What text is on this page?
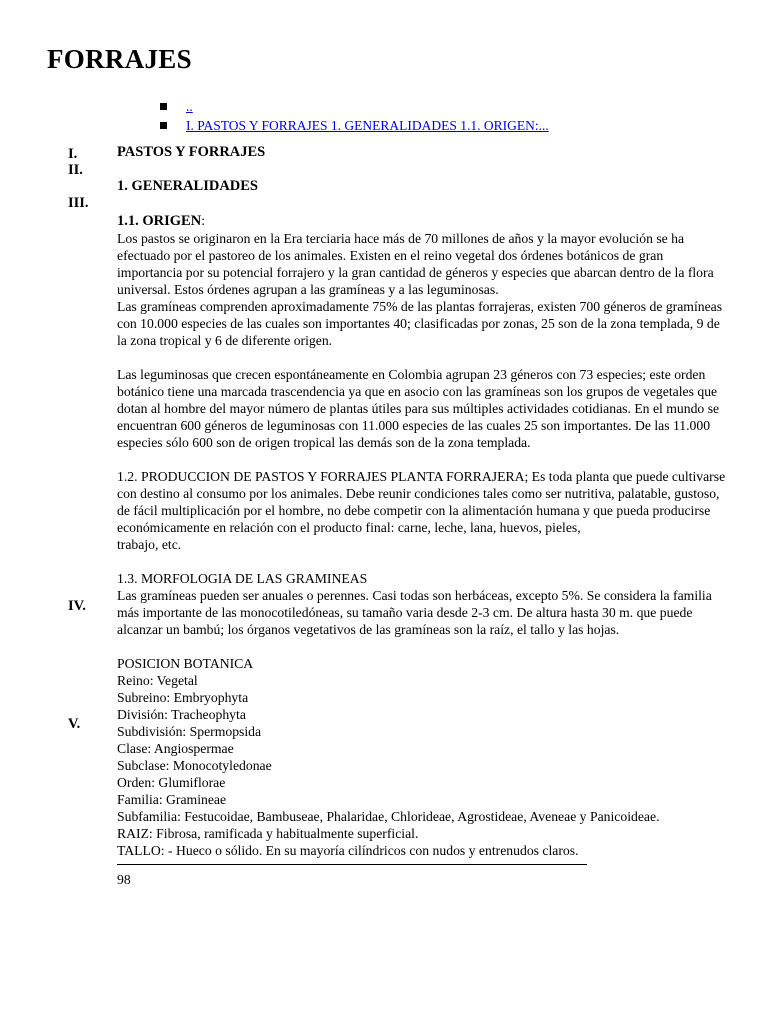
FORRAJES
..
I. PASTOS Y FORRAJES 1. GENERALIDADES 1.1. ORIGEN:...
I.
II.
III.
IV.
V.

PASTOS Y FORRAJES

1. GENERALIDADES

1.1. ORIGEN:

Los pastos se originaron en la Era terciaria hace más de 70 millones de años y la mayor evolución se ha efectuado por el pastoreo de los animales. Existen en el reino vegetal dos órdenes botánicos de gran importancia por su potencial forrajero y la gran cantidad de géneros y especies que abarcan dentro de la flora universal. Estos órdenes agrupan a las gramíneas y a las leguminosas.

Las gramíneas comprenden aproximadamente 75% de las plantas forrajeras, existen 700 géneros de gramíneas con 10.000 especies de las cuales son importantes 40; clasificadas por zonas, 25 son de la zona templada, 9 de la zona tropical y 6 de diferente origen.

Las leguminosas que crecen espontáneamente en Colombia agrupan 23 géneros con 73 especies; este orden botánico tiene una marcada trascendencia ya que en asocio con las gramíneas son los grupos de vegetales que dotan al hombre del mayor número de plantas útiles para sus múltiples actividades cotidianas. En el mundo se encuentran 600 géneros de leguminosas con 11.000 especies de las cuales 25 son importantes. De las 11.000 especies sólo 600 son de origen tropical las demás son de la zona templada.

1.2. PRODUCCION DE PASTOS Y FORRAJES PLANTA FORRAJERA; Es toda planta que puede cultivarse con destino al consumo por los animales. Debe reunir condiciones tales como ser nutritiva, palatable, gustoso, de fácil multiplicación por el hombre, no debe competir con la alimentación humana y que pueda producirse económicamente en relación con el producto final: carne, leche, lana, huevos, pieles,

trabajo, etc.

1.3. MORFOLOGIA DE LAS GRAMINEAS

Las gramíneas pueden ser anuales o perennes. Casi todas son herbáceas, excepto 5%. Se considera la familia más importante de las monocotiledóneas, su tamaño varia desde 2-3 cm. De altura hasta 30 m. que puede alcanzar un bambú; los órganos vegetativos de las gramíneas son la raíz, el tallo y las hojas.

POSICION BOTANICA

Reino: Vegetal

Subreino: Embryophyta

División: Tracheophyta

Subdivisión: Spermopsida

Clase: Angiospermae

Subclase: Monocotyledonae

Orden: Glumiflorae

Familia: Gramineae

Subfamilia: Festucoidae, Bambuseae, Phalaridae, Chlorideae, Agrostideae, Aveneae y Panicoideae.

RAIZ: Fibrosa, ramificada y habitualmente superficial.

TALLO: - Hueco o sólido. En su mayoría cilíndricos con nudos y entrenudos claros.

98
